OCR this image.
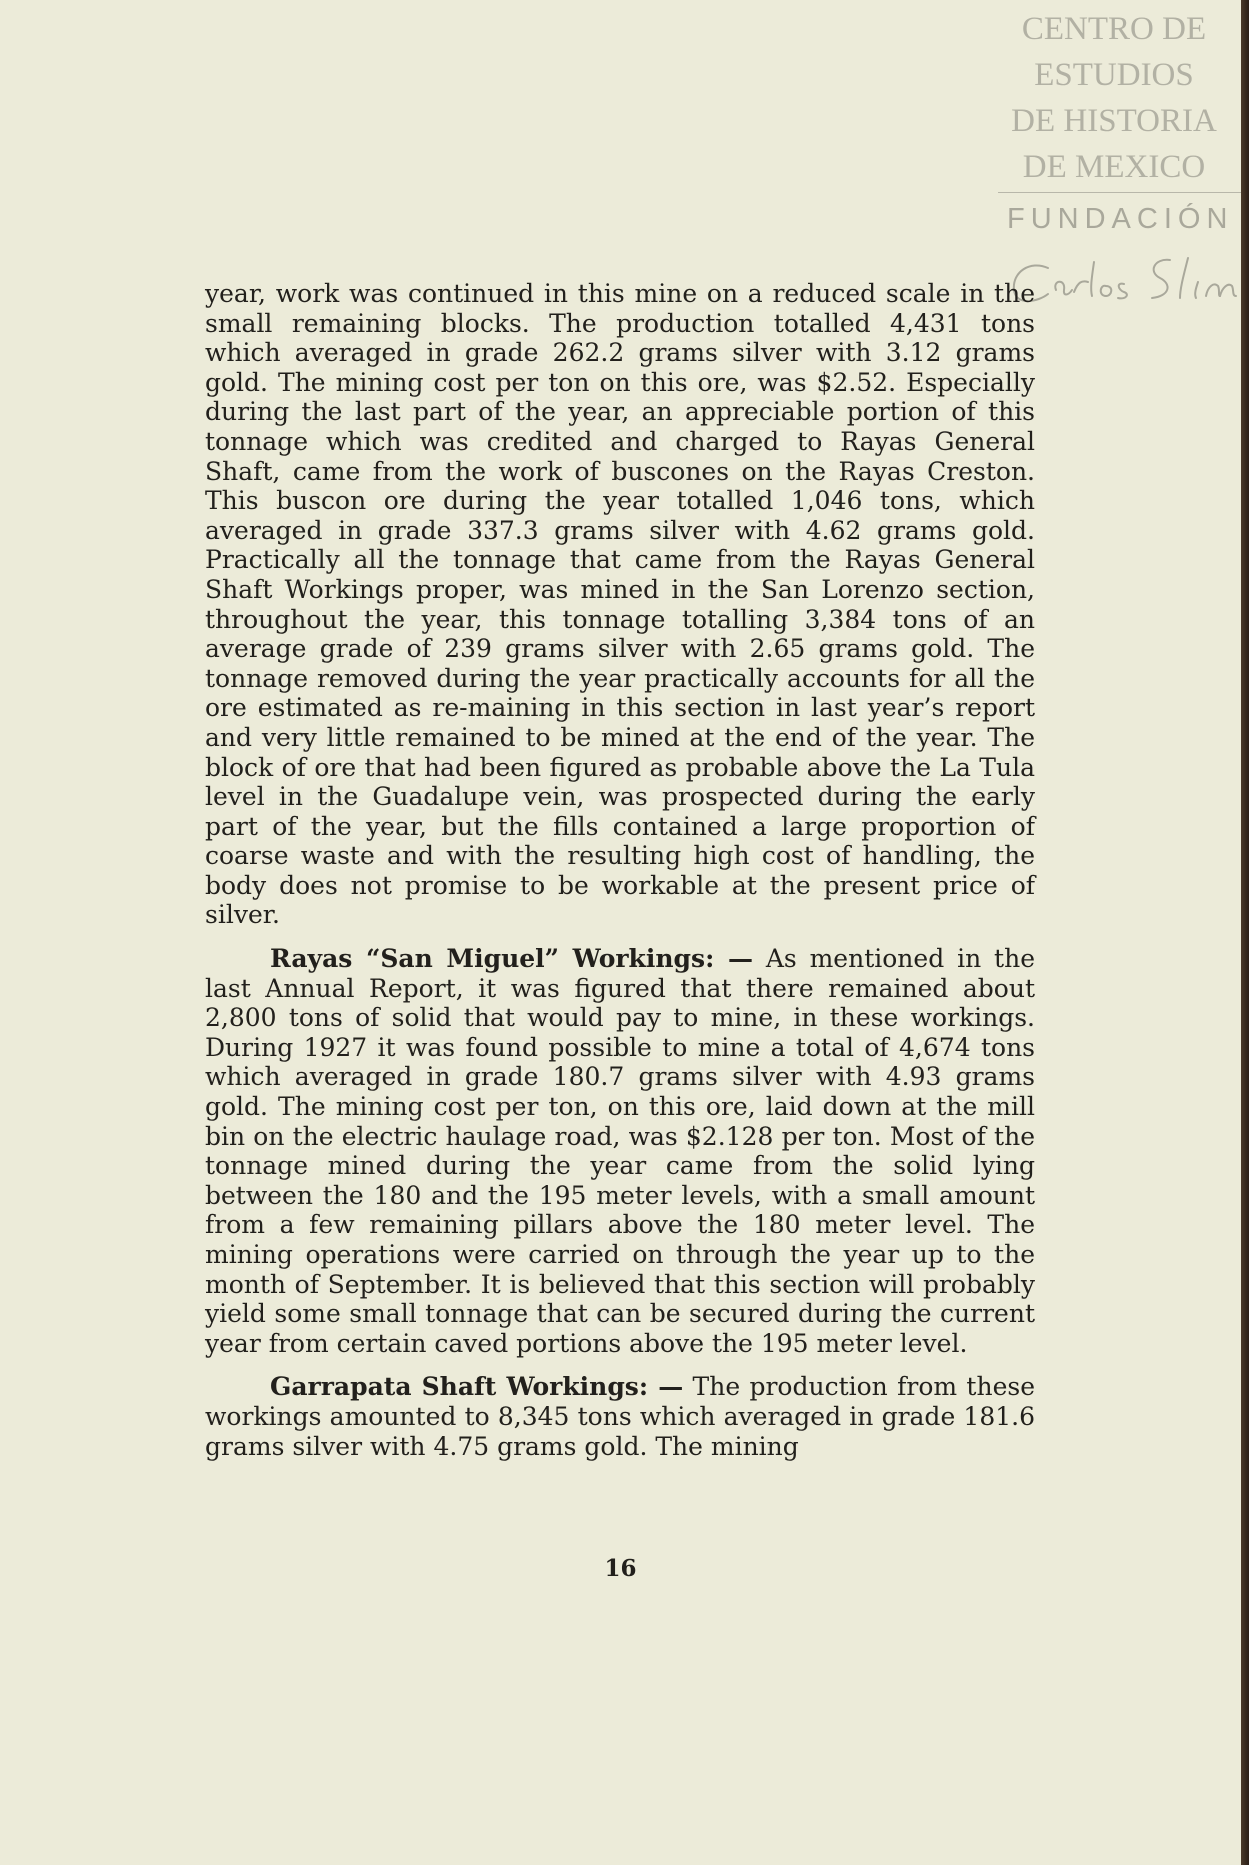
CENTRO DE
ESTUDIOS
DE HISTORIA
DE MEXICO
FUNDACIÓN

year, work was continued in this mine on a reduced scale in the small remaining blocks. The production totalled 4,431 tons which averaged in grade 262.2 grams silver with 3.12 grams gold. The mining cost per ton on this ore, was $2.52. Especially during the last part of the year, an appreciable portion of this tonnage which was credited and charged to Rayas General Shaft, came from the work of buscones on the Rayas Creston. This buscon ore during the year totalled 1,046 tons, which averaged in grade 337.3 grams silver with 4.62 grams gold. Practically all the tonnage that came from the Rayas General Shaft Workings proper, was mined in the San Lorenzo section, throughout the year, this tonnage totalling 3,384 tons of an average grade of 239 grams silver with 2.65 grams gold. The tonnage removed during the year practically accounts for all the ore estimated as re-maining in this section in last year’s report and very little remained to be mined at the end of the year. The block of ore that had been figured as probable above the La Tula level in the Guadalupe vein, was prospected during the early part of the year, but the fills contained a large proportion of coarse waste and with the resulting high cost of handling, the body does not promise to be workable at the present price of silver.

Rayas “San Miguel” Workings: — As mentioned in the last Annual Report, it was figured that there remained about 2,800 tons of solid that would pay to mine, in these workings. During 1927 it was found possible to mine a total of 4,674 tons which averaged in grade 180.7 grams silver with 4.93 grams gold. The mining cost per ton, on this ore, laid down at the mill bin on the electric haulage road, was $2.128 per ton. Most of the tonnage mined during the year came from the solid lying between the 180 and the 195 meter levels, with a small amount from a few remaining pillars above the 180 meter level. The mining operations were carried on through the year up to the month of September. It is believed that this section will probably yield some small tonnage that can be secured during the current year from certain caved portions above the 195 meter level.

Garrapata Shaft Workings: — The production from these workings amounted to 8,345 tons which averaged in grade 181.6 grams silver with 4.75 grams gold. The mining

16
